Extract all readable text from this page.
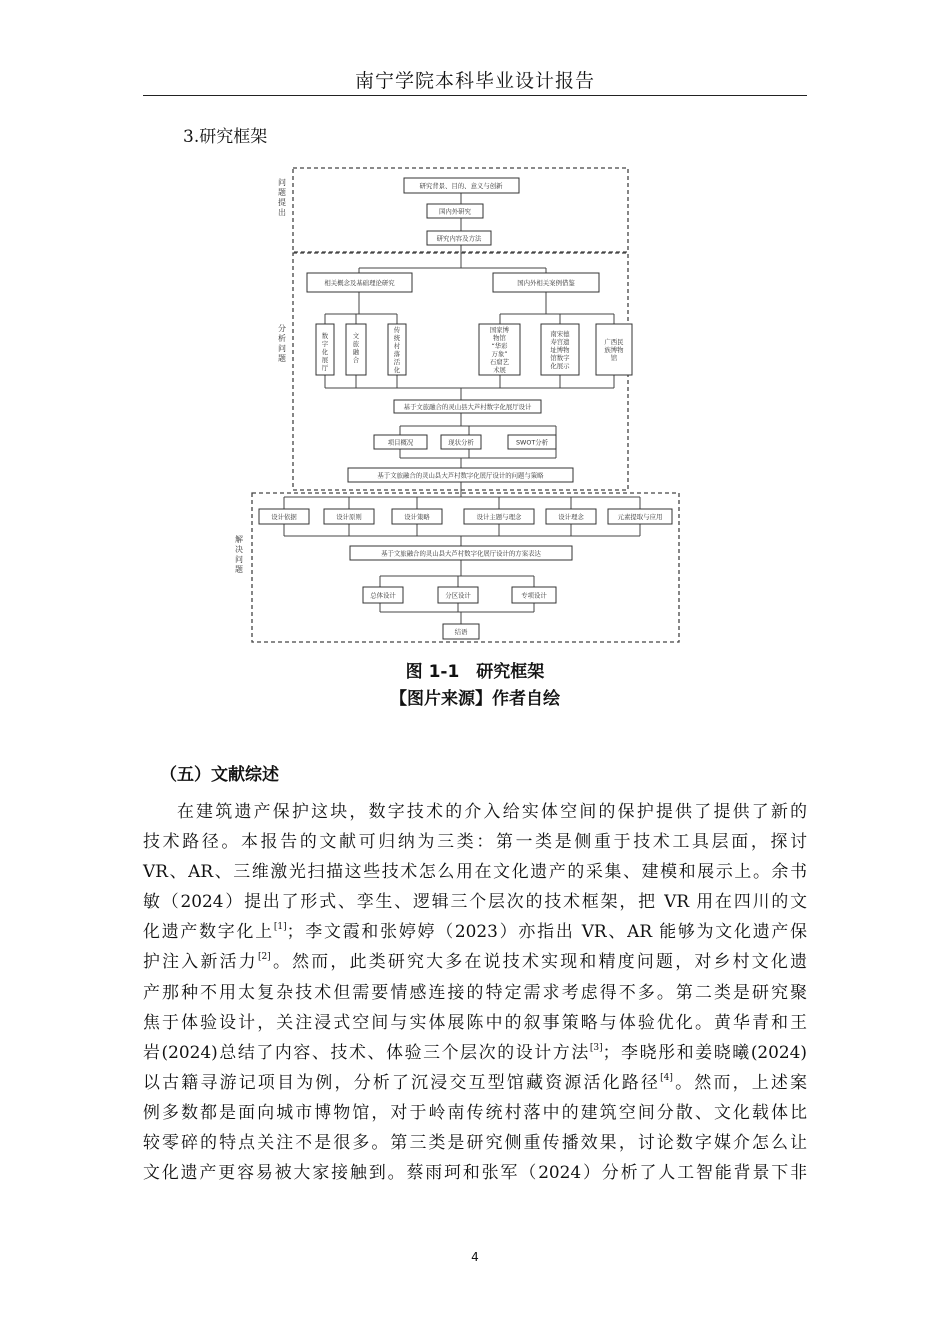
南宁学院本科毕业设计报告
3.研究框架
问
题
提
出
分
析
问
题
解
决
问
题
研究背景、目的、意义与创新
国内外研究
研究内容及方法
相关概念及基础理论研究	国内外相关案例借鉴
基于文旅融合的灵山县大芦村数字化展厅设计
项目概况	现状分析	SWOT分析
基于文旅融合的灵山县大芦村数字化展厅设计的问题与策略
设计依据	设计原则	设计策略	设计主题与理念	设计理念	元素提取与应用
基于文旅融合的灵山县大芦村数字化展厅设计的方案表达
总体设计	分区设计	专项设计
结语
数
字
化
展
厅
文
旅
融
合
传
统
村
落
活
化
国家博
物馆
“华彩
万象”
石窟艺
术展
南宋德
寿宫遗
址博物
馆数字
化展示
广西民
族博物
馆
图 1-1　研究框架
【图片来源】作者自绘
（五）文献综述
在建筑遗产保护这块，数字技术的介入给实体空间的保护提供了提供了新的
技术路径。本报告的文献可归纳为三类：第一类是侧重于技术工具层面，探讨
VR、AR、三维激光扫描这些技术怎么用在文化遗产的采集、建模和展示上。余书
敏（2024）提出了形式、孪生、逻辑三个层次的技术框架，把 VR 用在四川的文
化遗产数字化上[1]；李文霞和张婷婷（2023）亦指出 VR、AR 能够为文化遗产保
护注入新活力[2]。然而，此类研究大多在说技术实现和精度问题，对乡村文化遗
产那种不用太复杂技术但需要情感连接的特定需求考虑得不多。第二类是研究聚
焦于体验设计，关注浸式空间与实体展陈中的叙事策略与体验优化。黄华青和王
岩(2024)总结了内容、技术、体验三个层次的设计方法[3]；李晓彤和姜晓曦(2024)
以古籍寻游记项目为例，分析了沉浸交互型馆藏资源活化路径[4]。然而，上述案
例多数都是面向城市博物馆，对于岭南传统村落中的建筑空间分散、文化载体比
较零碎的特点关注不是很多。第三类是研究侧重传播效果，讨论数字媒介怎么让
文化遗产更容易被大家接触到。蔡雨珂和张军（2024）分析了人工智能背景下非
4
